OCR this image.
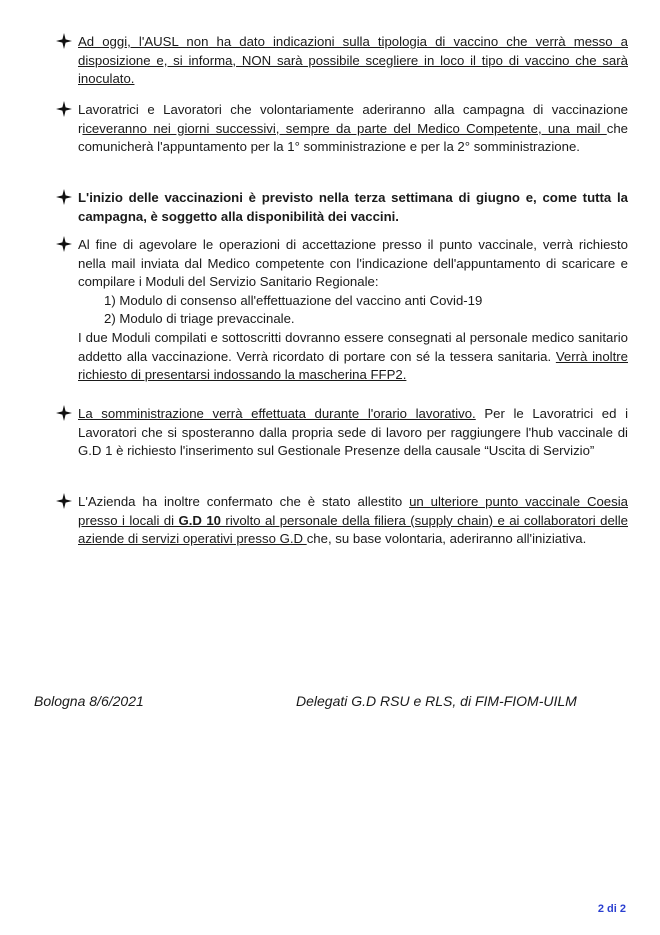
Ad oggi, l'AUSL non ha dato indicazioni sulla tipologia di vaccino che verrà messo a disposizione e, si informa, NON sarà possibile scegliere in loco il tipo di vaccino che sarà inoculato.
Lavoratrici e Lavoratori che volontariamente aderiranno alla campagna di vaccinazione riceveranno nei giorni successivi, sempre da parte del Medico Competente, una mail che comunicherà l'appuntamento per la 1° somministrazione e per la 2° somministrazione.
L'inizio delle vaccinazioni è previsto nella terza settimana di giugno e, come tutta la campagna, è soggetto alla disponibilità dei vaccini.
Al fine di agevolare le operazioni di accettazione presso il punto vaccinale, verrà richiesto nella mail inviata dal Medico competente con l'indicazione dell'appuntamento di scaricare e compilare i Moduli del Servizio Sanitario Regionale:
1) Modulo di consenso all'effettuazione del vaccino anti Covid-19
2) Modulo di triage prevaccinale.
I due Moduli compilati e sottoscritti dovranno essere consegnati al personale medico sanitario addetto alla vaccinazione. Verrà ricordato di portare con sé la tessera sanitaria. Verrà inoltre richiesto di presentarsi indossando la mascherina FFP2.
La somministrazione verrà effettuata durante l'orario lavorativo. Per le Lavoratrici ed i Lavoratori che si sposteranno dalla propria sede di lavoro per raggiungere l'hub vaccinale di G.D 1 è richiesto l'inserimento sul Gestionale Presenze della causale “Uscita di Servizio”
L'Azienda ha inoltre confermato che è stato allestito un ulteriore punto vaccinale Coesia presso i locali di G.D 10 rivolto al personale della filiera (supply chain) e ai collaboratori delle aziende di servizi operativi presso G.D che, su base volontaria, aderiranno all'iniziativa.
Bologna 8/6/2021	Delegati G.D RSU e RLS, di FIM-FIOM-UILM
2 di 2
